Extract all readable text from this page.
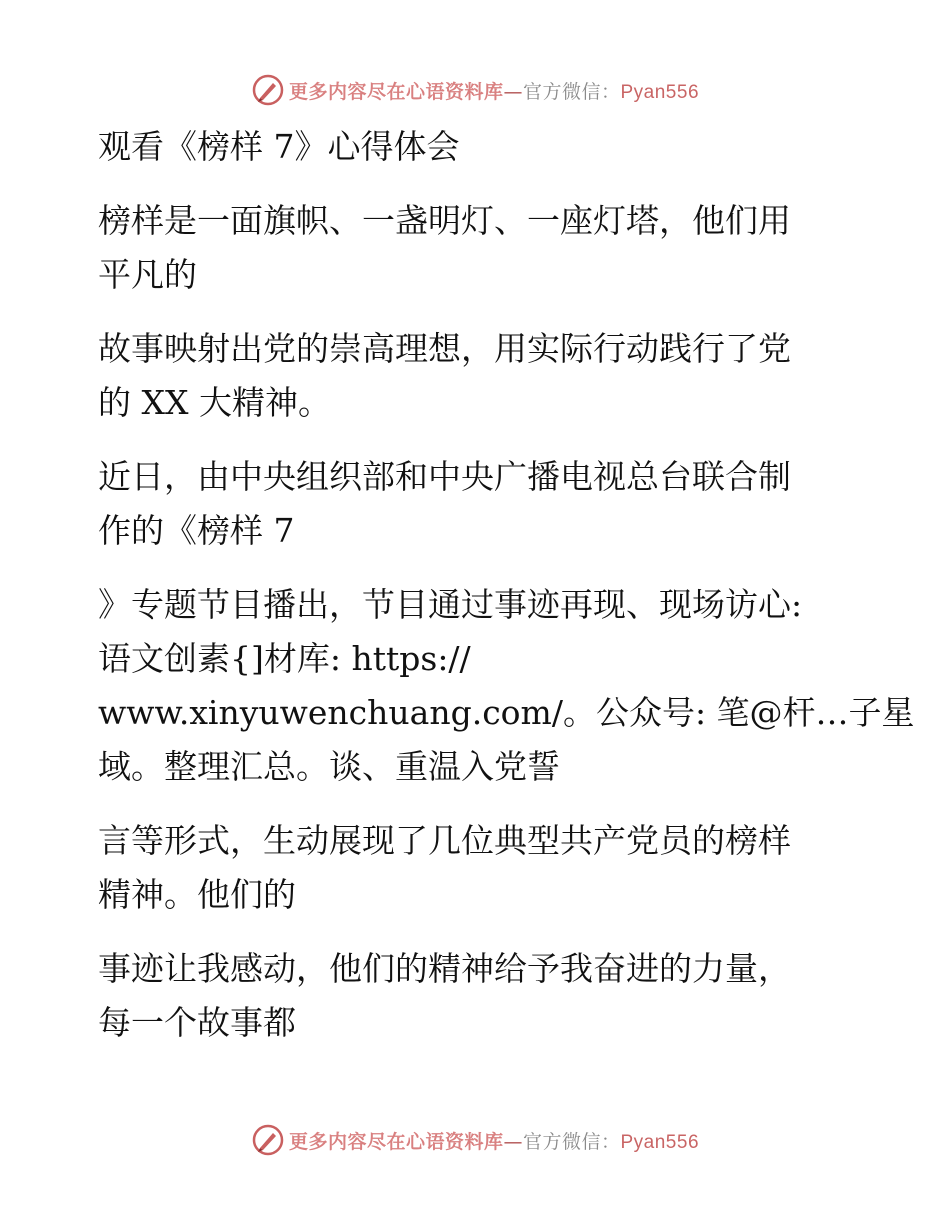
更多内容尽在心语资料库—官方微信：Pyan556
观看《榜样 7》心得体会
榜样是一面旗帜、一盏明灯、一座灯塔，他们用
平凡的
故事映射出党的崇高理想，用实际行动践行了党
的 XX 大精神。
近日，由中央组织部和中央广播电视总台联合制
作的《榜样 7
》专题节目播出，节目通过事迹再现、现场访心:
语文创素{]材库: https://
www.xinyuwenchuang.com/。公众号: 笔@杆…子星
域。整理汇总。谈、重温入党誓
言等形式，生动展现了几位典型共产党员的榜样
精神。他们的
事迹让我感动，他们的精神给予我奋进的力量，
每一个故事都
更多内容尽在心语资料库—官方微信：Pyan556
